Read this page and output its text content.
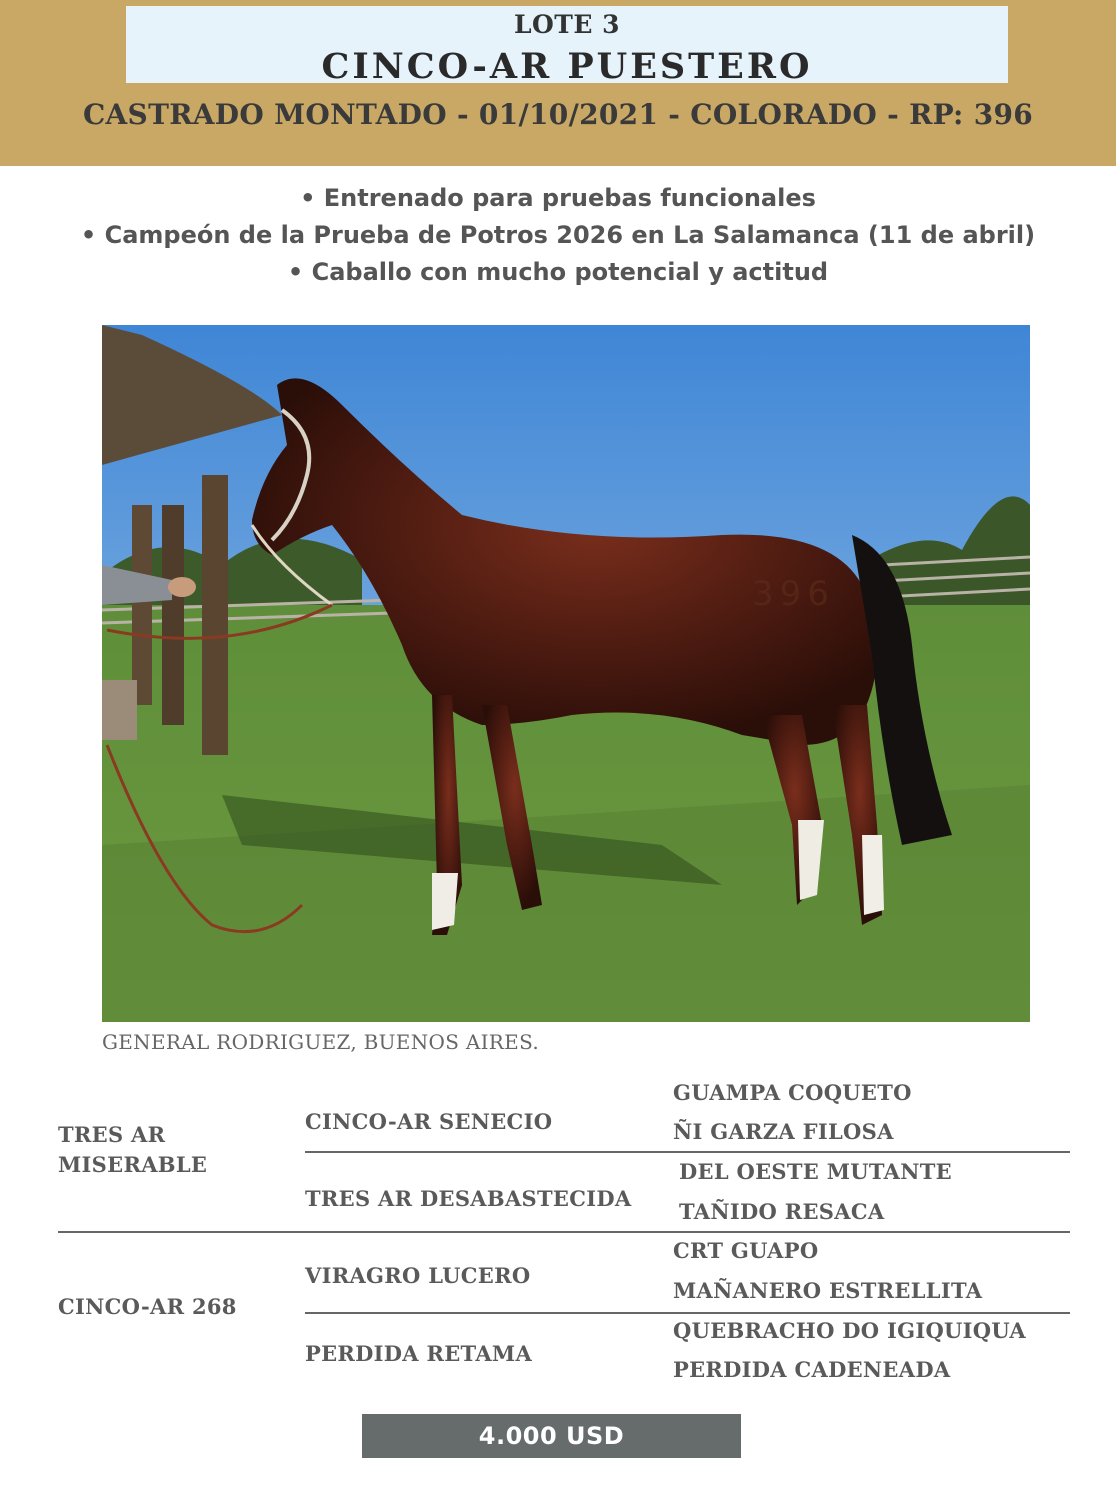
LOTE 3
CINCO-AR PUESTERO
CASTRADO MONTADO - 01/10/2021 - COLORADO - RP: 396
• Entrenado para pruebas funcionales
• Campeón de la Prueba de Potros 2026 en La Salamanca (11 de abril)
• Caballo con mucho potencial y actitud
396
GENERAL RODRIGUEZ, BUENOS AIRES.
TRES AR
MISERABLE
CINCO-AR 268
CINCO-AR SENECIO
TRES AR DESABASTECIDA
VIRAGRO LUCERO
PERDIDA RETAMA
GUAMPA COQUETO
ÑI GARZA FILOSA
DEL OESTE MUTANTE
TAÑIDO RESACA
CRT GUAPO
MAÑANERO ESTRELLITA
QUEBRACHO DO IGIQUIQUA
PERDIDA CADENEADA
4.000 USD
